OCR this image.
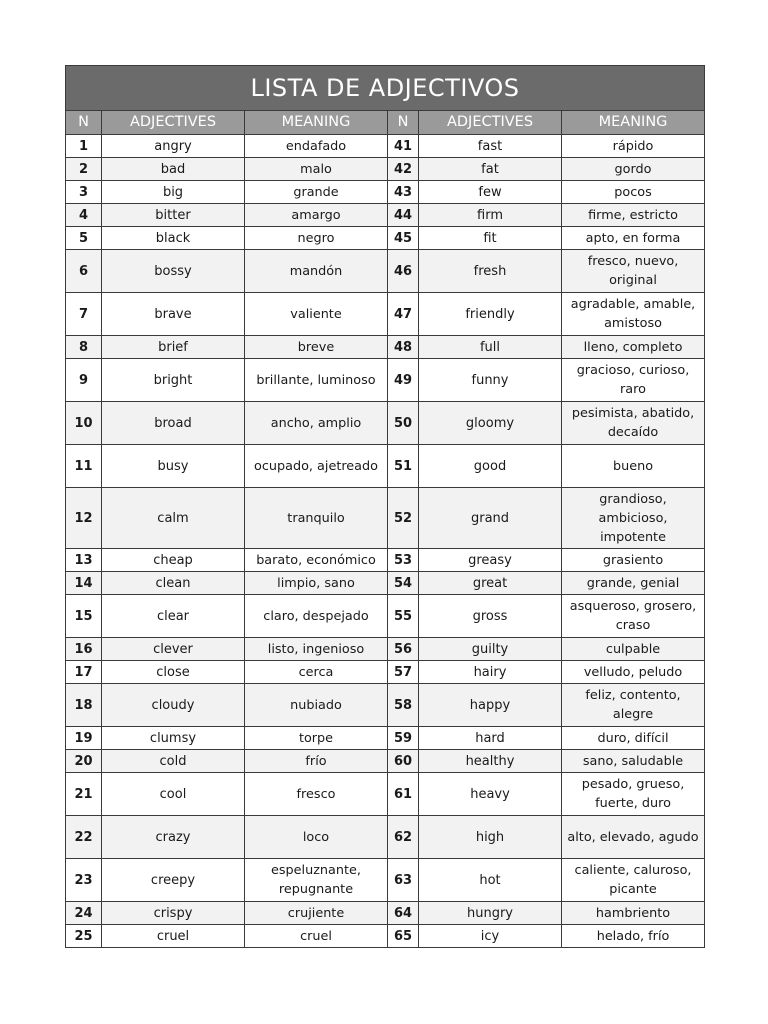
LISTA DE ADJECTIVOS					
N	ADJECTIVES	MEANING	N	ADJECTIVES	MEANING
1	angry	endafado	41	fast	rápido
2	bad	malo	42	fat	gordo
3	big	grande	43	few	pocos
4	bitter	amargo	44	firm	firme, estricto
5	black	negro	45	fit	apto, en forma
6	bossy	mandón	46	fresh	fresco, nuevo, original
7	brave	valiente	47	friendly	agradable, amable, amistoso
8	brief	breve	48	full	lleno, completo
9	bright	brillante, luminoso	49	funny	gracioso, curioso, raro
10	broad	ancho, amplio	50	gloomy	pesimista, abatido, decaído
11	busy	ocupado, ajetreado	51	good	bueno
12	calm	tranquilo	52	grand	grandioso, ambicioso, impotente
13	cheap	barato, económico	53	greasy	grasiento
14	clean	limpio, sano	54	great	grande, genial
15	clear	claro, despejado	55	gross	asqueroso, grosero, craso
16	clever	listo, ingenioso	56	guilty	culpable
17	close	cerca	57	hairy	velludo, peludo
18	cloudy	nubiado	58	happy	feliz, contento, alegre
19	clumsy	torpe	59	hard	duro, difícil
20	cold	frío	60	healthy	sano, saludable
21	cool	fresco	61	heavy	pesado, grueso, fuerte, duro
22	crazy	loco	62	high	alto, elevado, agudo
23	creepy	espeluznante, repugnante	63	hot	caliente, caluroso, picante
24	crispy	crujiente	64	hungry	hambriento
25	cruel	cruel	65	icy	helado, frío
